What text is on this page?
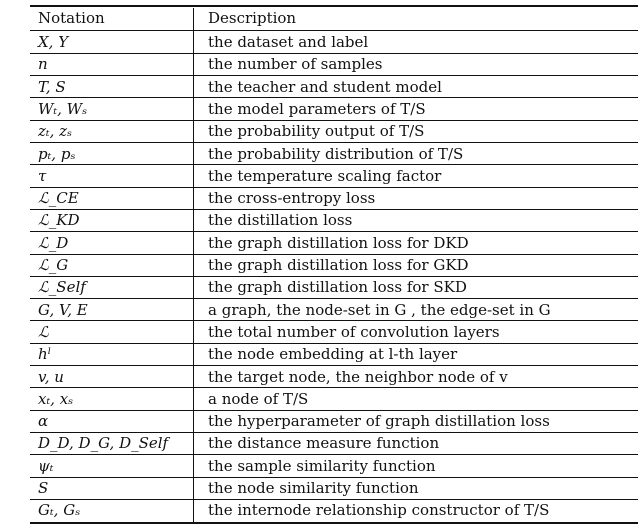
Notation	Description
X, Y	the dataset and label
n	the number of samples
T, S	the teacher and student model
Wₜ, Wₛ	the model parameters of T/S
zₜ, zₛ	the probability output of T/S
pₜ, pₛ	the probability distribution of T/S
τ	the temperature scaling factor
ℒ_CE	the cross-entropy loss
ℒ_KD	the distillation loss
ℒ_D	the graph distillation loss for DKD
ℒ_G	the graph distillation loss for GKD
ℒ_Self	the graph distillation loss for SKD
G, V, E	a graph, the node-set in G , the edge-set in G
ℒ	the total number of convolution layers
hˡ	the node embedding at l-th layer
v, u	the target node, the neighbor node of v
xₜ, xₛ	a node of T/S
α	the hyperparameter of graph distillation loss
D_D, D_G, D_Self	the distance measure function
ψₜ	the sample similarity function
S	the node similarity function
Gₜ, Gₛ	the internode relationship constructor of T/S
